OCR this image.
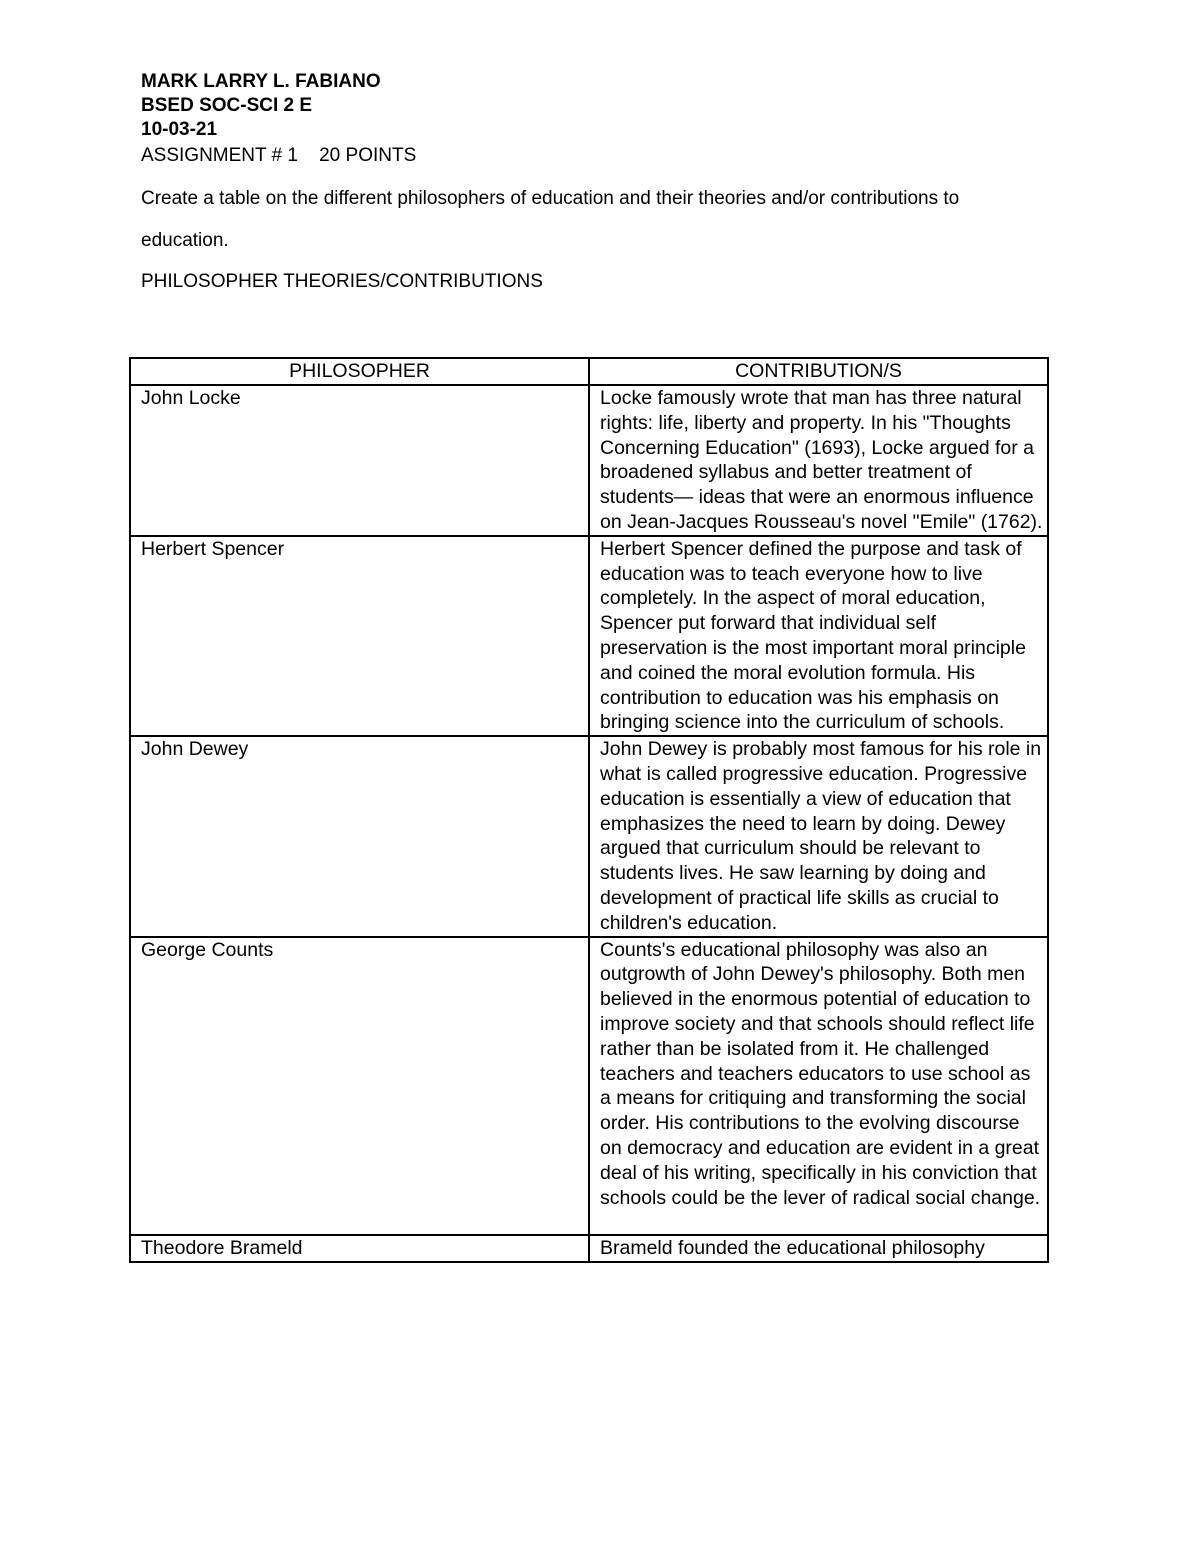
MARK LARRY L. FABIANO
BSED SOC-SCI 2 E
10-03-21
ASSIGNMENT # 1 20 POINTS
Create a table on the different philosophers of education and their theories and/or contributions to education.
PHILOSOPHER THEORIES/CONTRIBUTIONS
PHILOSOPHER	CONTRIBUTION/S
John Locke	Locke famously wrote that man has three natural rights: life, liberty and property. In his "Thoughts Concerning Education" (1693), Locke argued for a broadened syllabus and better treatment of students— ideas that were an enormous influence on Jean-Jacques Rousseau's novel "Emile" (1762).
Herbert Spencer	Herbert Spencer defined the purpose and task of education was to teach everyone how to live completely. In the aspect of moral education, Spencer put forward that individual self preservation is the most important moral principle and coined the moral evolution formula. His contribution to education was his emphasis on bringing science into the curriculum of schools.
John Dewey	John Dewey is probably most famous for his role in what is called progressive education. Progressive education is essentially a view of education that emphasizes the need to learn by doing. Dewey argued that curriculum should be relevant to students lives. He saw learning by doing and development of practical life skills as crucial to children's education.
George Counts	Counts's educational philosophy was also an outgrowth of John Dewey's philosophy. Both men believed in the enormous potential of education to improve society and that schools should reflect life rather than be isolated from it. He challenged teachers and teachers educators to use school as a means for critiquing and transforming the social order. His contributions to the evolving discourse on democracy and education are evident in a great deal of his writing, specifically in his conviction that schools could be the lever of radical social change.
Theodore Brameld	Brameld founded the educational philosophy
